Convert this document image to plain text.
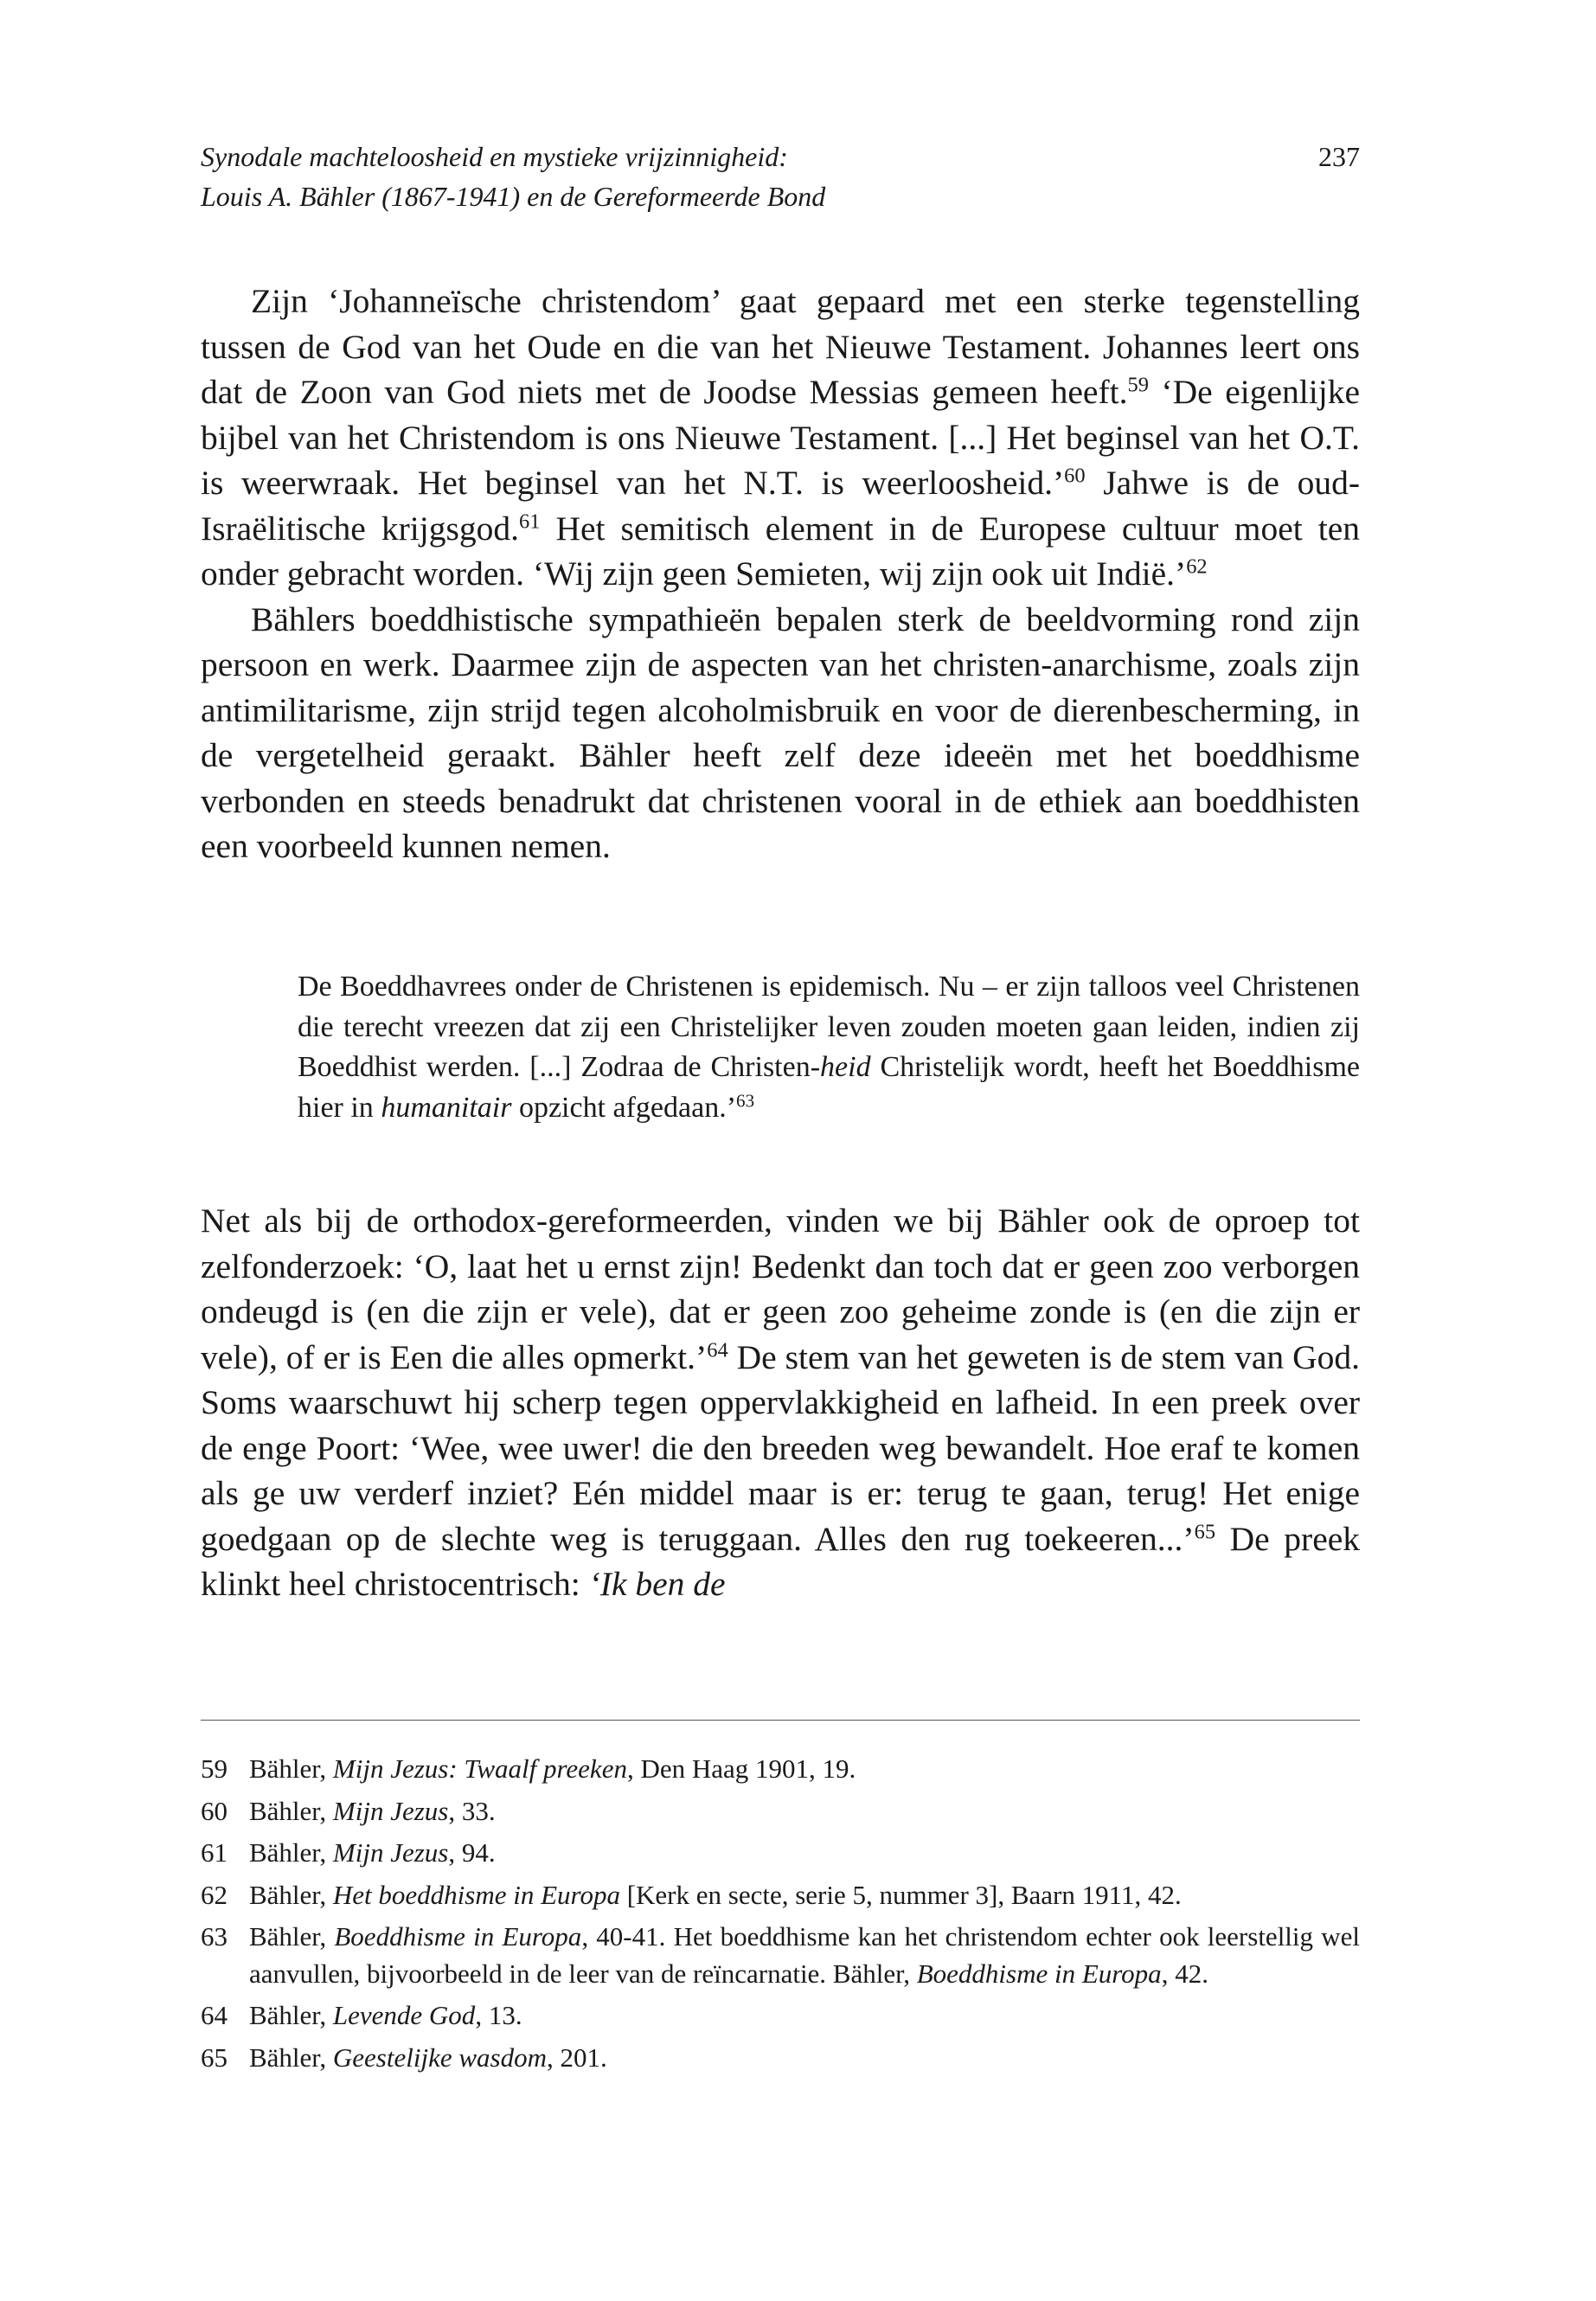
Synodale machteloosheid en mystieke vrijzinnigheid:
Louis A. Bähler (1867-1941) en de Gereformeerde Bond
237

Zijn ‘Johanneïsche christendom’ gaat gepaard met een sterke tegenstelling tussen de God van het Oude en die van het Nieuwe Testament. Johannes leert ons dat de Zoon van God niets met de Joodse Messias gemeen heeft.$^{59}$ ‘De eigenlijke bijbel van het Christendom is ons Nieuwe Testament. [...] Het beginsel van het O.T. is weerwraak. Het beginsel van het N.T. is weerloosheid.’$^{60}$ Jahwe is de oud-Israëlitische krijgsgod.$^{61}$ Het semitisch element in de Europese cultuur moet ten onder gebracht worden. ‘Wij zijn geen Semieten, wij zijn ook uit Indië.’$^{62}$

Bählers boeddhistische sympathieën bepalen sterk de beeldvorming rond zijn persoon en werk. Daarmee zijn de aspecten van het christen-anarchisme, zoals zijn antimilitarisme, zijn strijd tegen alcoholmisbruik en voor de dierenbescherming, in de vergetelheid geraakt. Bähler heeft zelf deze ideeën met het boeddhisme verbonden en steeds benadrukt dat christenen vooral in de ethiek aan boeddhisten een voorbeeld kunnen nemen.

De Boeddhavrees onder de Christenen is epidemisch. Nu – er zijn talloos veel Christenen die terecht vreezen dat zij een Christelijker leven zouden moeten gaan leiden, indien zij Boeddhist werden. [...] Zodraa de Christen-heid Christelijk wordt, heeft het Boeddhisme hier in humanitair opzicht afgedaan.’$^{63}$

Net als bij de orthodox-gereformeerden, vinden we bij Bähler ook de oproep tot zelfonderzoek: ‘O, laat het u ernst zijn! Bedenkt dan toch dat er geen zoo verborgen ondeugd is (en die zijn er vele), dat er geen zoo geheime zonde is (en die zijn er vele), of er is Een die alles opmerkt.’$^{64}$ De stem van het geweten is de stem van God. Soms waarschuwt hij scherp tegen oppervlakkigheid en lafheid. In een preek over de enge Poort: ‘Wee, wee uwer! die den breeden weg bewandelt. Hoe eraf te komen als ge uw verderf inziet? Eén middel maar is er: terug te gaan, terug! Het enige goedgaan op de slechte weg is teruggaan. Alles den rug toekeeren...’$^{65}$ De preek klinkt heel christocentrisch: ‘Ik ben de

59 Bähler, Mijn Jezus: Twaalf preeken, Den Haag 1901, 19.
60 Bähler, Mijn Jezus, 33.
61 Bähler, Mijn Jezus, 94.
62 Bähler, Het boeddhisme in Europa [Kerk en secte, serie 5, nummer 3], Baarn 1911, 42.
63 Bähler, Boeddhisme in Europa, 40-41. Het boeddhisme kan het christendom echter ook leerstellig wel aanvullen, bijvoorbeeld in de leer van de reïncarnatie. Bähler, Boeddhisme in Europa, 42.
64 Bähler, Levende God, 13.
65 Bähler, Geestelijke wasdom, 201.
